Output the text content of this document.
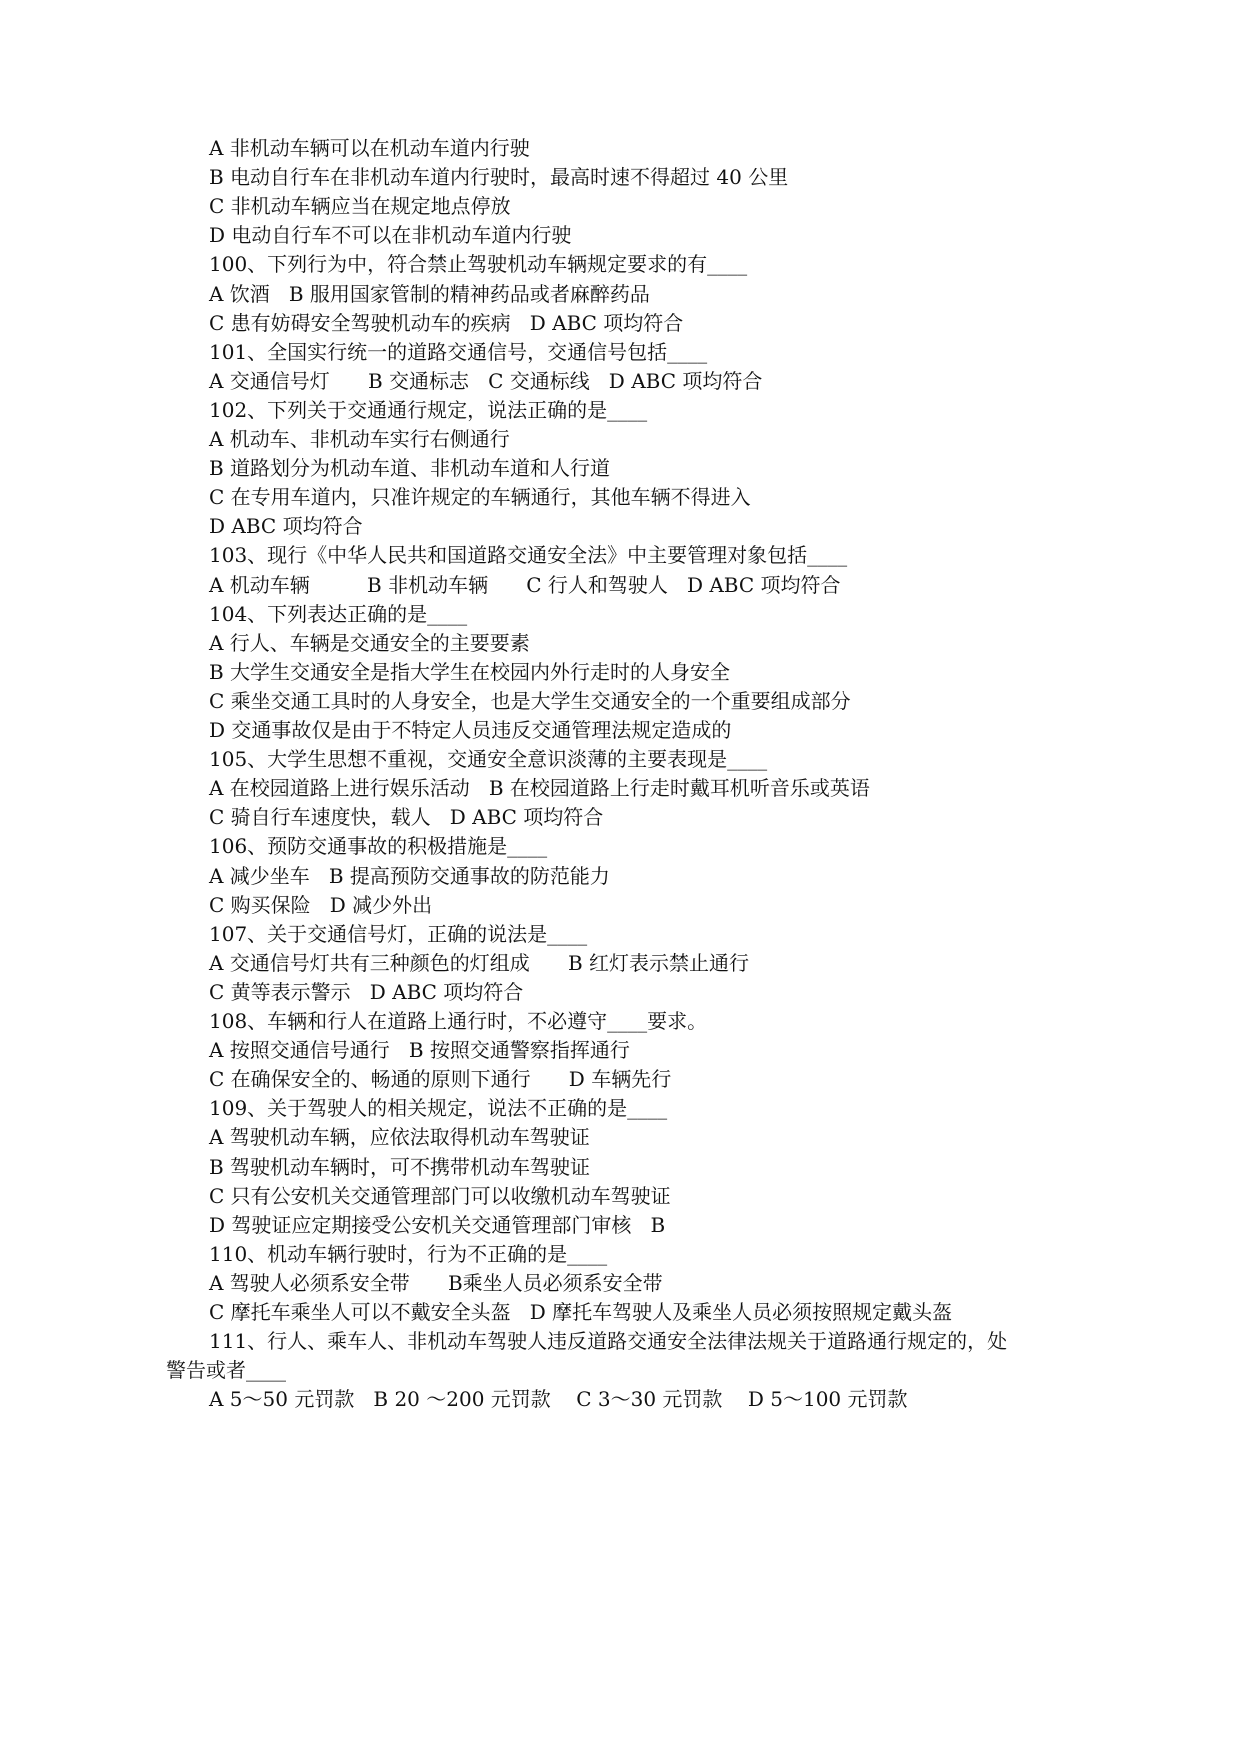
A 非机动车辆可以在机动车道内行驶
B 电动自行车在非机动车道内行驶时，最高时速不得超过 40 公里
C 非机动车辆应当在规定地点停放
D 电动自行车不可以在非机动车道内行驶
100、下列行为中，符合禁止驾驶机动车辆规定要求的有____
A 饮酒   B 服用国家管制的精神药品或者麻醉药品
C 患有妨碍安全驾驶机动车的疾病   D ABC 项均符合
101、全国实行统一的道路交通信号，交通信号包括____
A 交通信号灯      B 交通标志   C 交通标线   D ABC 项均符合
102、下列关于交通通行规定，说法正确的是____
A 机动车、非机动车实行右侧通行
B 道路划分为机动车道、非机动车道和人行道
C 在专用车道内，只准许规定的车辆通行，其他车辆不得进入
D ABC 项均符合
103、现行《中华人民共和国道路交通安全法》中主要管理对象包括____
A 机动车辆         B 非机动车辆      C 行人和驾驶人   D ABC 项均符合
104、下列表达正确的是____
A 行人、车辆是交通安全的主要要素
B 大学生交通安全是指大学生在校园内外行走时的人身安全
C 乘坐交通工具时的人身安全，也是大学生交通安全的一个重要组成部分
D 交通事故仅是由于不特定人员违反交通管理法规定造成的
105、大学生思想不重视，交通安全意识淡薄的主要表现是____
A 在校园道路上进行娱乐活动   B 在校园道路上行走时戴耳机听音乐或英语
C 骑自行车速度快，载人   D ABC 项均符合
106、预防交通事故的积极措施是____
A 减少坐车   B 提高预防交通事故的防范能力
C 购买保险   D 减少外出
107、关于交通信号灯，正确的说法是____
A 交通信号灯共有三种颜色的灯组成      B 红灯表示禁止通行
C 黄等表示警示   D ABC 项均符合
108、车辆和行人在道路上通行时，不必遵守____要求。
A 按照交通信号通行   B 按照交通警察指挥通行
C 在确保安全的、畅通的原则下通行      D 车辆先行
109、关于驾驶人的相关规定，说法不正确的是____
A 驾驶机动车辆，应依法取得机动车驾驶证
B 驾驶机动车辆时，可不携带机动车驾驶证
C 只有公安机关交通管理部门可以收缴机动车驾驶证
D 驾驶证应定期接受公安机关交通管理部门审核   B
110、机动车辆行驶时，行为不正确的是____
A 驾驶人必须系安全带      B乘坐人员必须系安全带
C 摩托车乘坐人可以不戴安全头盔   D 摩托车驾驶人及乘坐人员必须按照规定戴头盔
111、行人、乘车人、非机动车驾驶人违反道路交通安全法律法规关于道路通行规定的，处
警告或者____
A 5～50 元罚款   B 20 ～200 元罚款    C 3～30 元罚款    D 5～100 元罚款
